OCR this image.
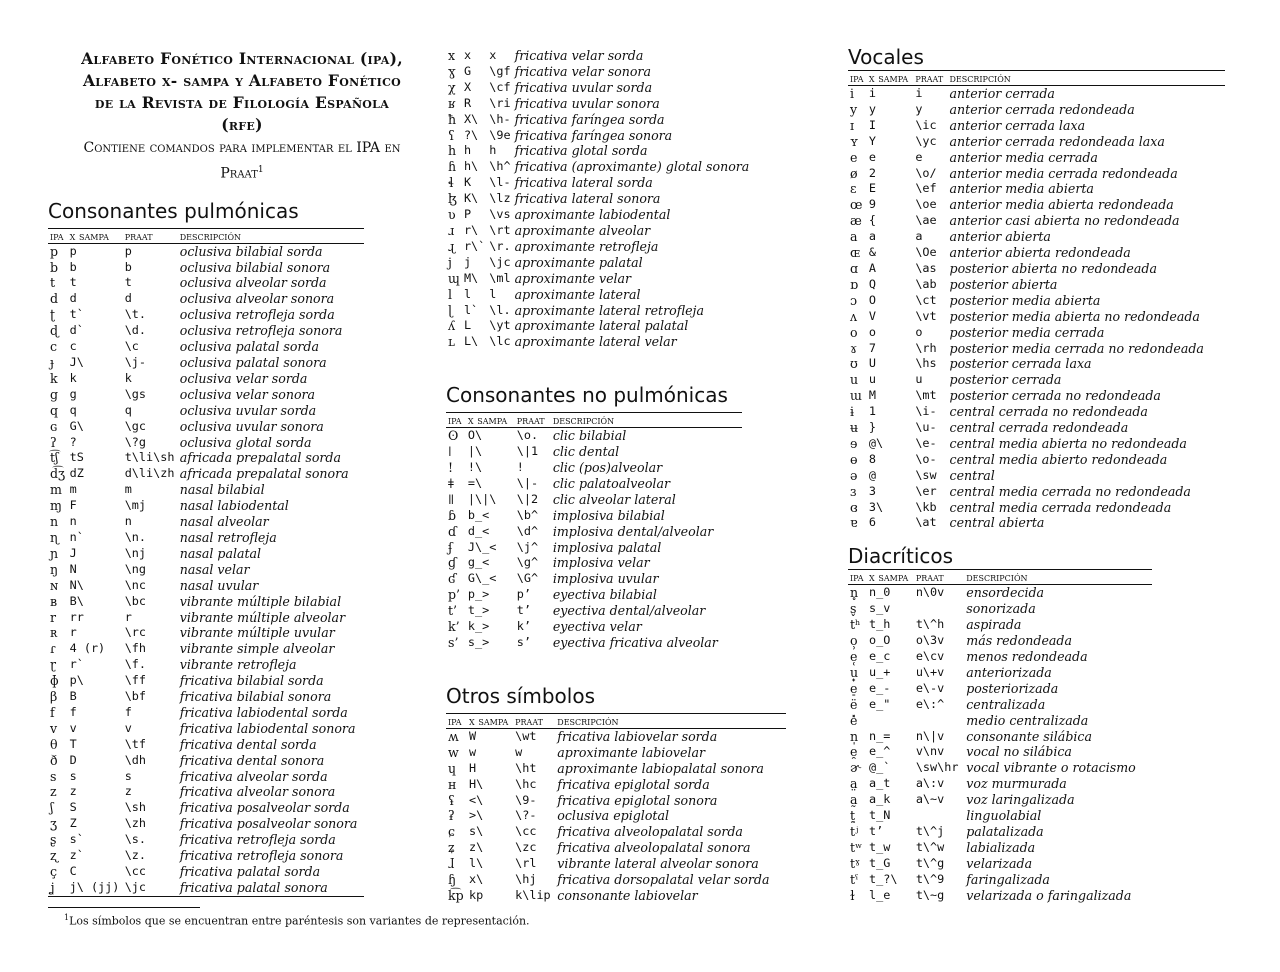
Alfabeto Fonético Internacional (ipa),
Alfabeto x- sampa y Alfabeto Fonético
de la Revista de Filología Española
(rfe)
Contiene comandos para implementar el IPA en
Praat$^1$
Consonantes pulmónicas
ipa	x sampa	praat	descripción
p	p	p	oclusiva bilabial sorda
b	b	b	oclusiva bilabial sonora
t	t	t	oclusiva alveolar sorda
d	d	d	oclusiva alveolar sonora
ʈ	t`	\t.	oclusiva retrofleja sorda
ɖ	d`	\d.	oclusiva retrofleja sonora
c	c	\c	oclusiva palatal sorda
ɟ	J\	\j-	oclusiva palatal sonora
k	k	k	oclusiva velar sorda
g	g	\gs	oclusiva velar sonora
q	q	q	oclusiva uvular sorda
ɢ	G\	\gc	oclusiva uvular sonora
ʔ	?	\?g	oclusiva glotal sorda
t͡ʃ	tS	t\li\sh	africada prepalatal sorda
d͡ʒ	dZ	d\li\zh	africada prepalatal sonora
m	m	m	nasal bilabial
ɱ	F	\mj	nasal labiodental
n	n	n	nasal alveolar
ɳ	n`	\n.	nasal retrofleja
ɲ	J	\nj	nasal palatal
ŋ	N	\ng	nasal velar
ɴ	N\	\nc	nasal uvular
ʙ	B\	\bc	vibrante múltiple bilabial
r	rr	r	vibrante múltiple alveolar
ʀ	r	\rc	vibrante múltiple uvular
ɾ	4 (r)	\fh	vibrante simple alveolar
ɽ	r`	\f.	vibrante retrofleja
ɸ	p\	\ff	fricativa bilabial sorda
β	B	\bf	fricativa bilabial sonora
f	f	f	fricativa labiodental sorda
v	v	v	fricativa labiodental sonora
θ	T	\tf	fricativa dental sorda
ð	D	\dh	fricativa dental sonora
s	s	s	fricativa alveolar sorda
z	z	z	fricativa alveolar sonora
ʃ	S	\sh	fricativa posalveolar sorda
ʒ	Z	\zh	fricativa posalveolar sonora
ʂ	s`	\s.	fricativa retrofleja sorda
ʐ	z`	\z.	fricativa retrofleja sonora
ç	C	\cc	fricativa palatal sorda
ʝ	j\ (jj)	\jc	fricativa palatal sonora
x	x	x	fricativa velar sorda
ɣ	G	\gf	fricativa velar sonora
χ	X	\cf	fricativa uvular sorda
ʁ	R	\ri	fricativa uvular sonora
ħ	X\	\h-	fricativa faríngea sorda
ʕ	?\	\9e	fricativa faríngea sonora
h	h	h	fricativa glotal sorda
ɦ	h\	\h^	fricativa (aproximante) glotal sonora
ɬ	K	\l-	fricativa lateral sorda
ɮ	K\	\lz	fricativa lateral sonora
ʋ	P	\vs	aproximante labiodental
ɹ	r\	\rt	aproximante alveolar
ɻ	r\`	\r.	aproximante retrofleja
j	j	\jc	aproximante palatal
ɰ	M\	\ml	aproximante velar
l	l	l	aproximante lateral
ɭ	l`	\l.	aproximante lateral retrofleja
ʎ	L	\yt	aproximante lateral palatal
ʟ	L\	\lc	aproximante lateral velar
Consonantes no pulmónicas
ipa	x sampa	praat	descripción
ʘ	O\	\o.	clic bilabial
ǀ	|\	\|1	clic dental
!	!\	!	clic (pos)alveolar
ǂ	=\	\|-	clic palatoalveolar
ǁ	|\|\	\|2	clic alveolar lateral
ɓ	b_<	\b^	implosiva bilabial
ɗ	d_<	\d^	implosiva dental/alveolar
ʄ	J\_<	\j^	implosiva palatal
ɠ	g_<	\g^	implosiva velar
ʛ	G\_<	\G^	implosiva uvular
p’	p_>	p’	eyectiva bilabial
t’	t_>	t’	eyectiva dental/alveolar
k’	k_>	k’	eyectiva velar
s’	s_>	s’	eyectiva fricativa alveolar
Otros símbolos
ipa	x sampa	praat	descripción
ʍ	W	\wt	fricativa labiovelar sorda
w	w	w	aproximante labiovelar
ɥ	H	\ht	aproximante labiopalatal sonora
ʜ	H\	\hc	fricativa epiglotal sorda
ʢ	<\	\9-	fricativa epiglotal sonora
ʡ	>\	\?-	oclusiva epiglotal
ɕ	s\	\cc	fricativa alveolopalatal sorda
ʑ	z\	\zc	fricativa alveolopalatal sonora
ɺ	l\	\rl	vibrante lateral alveolar sonora
ɧ	x\	\hj	fricativa dorsopalatal velar sorda
k͡p	kp	k\lip	consonante labiovelar
Vocales
ipa	x sampa	praat	descripción
i	i	i	anterior cerrada
y	y	y	anterior cerrada redondeada
ɪ	I	\ic	anterior cerrada laxa
ʏ	Y	\yc	anterior cerrada redondeada laxa
e	e	e	anterior media cerrada
ø	2	\o/	anterior media cerrada redondeada
ɛ	E	\ef	anterior media abierta
œ	9	\oe	anterior media abierta redondeada
æ	{	\ae	anterior casi abierta no redondeada
a	a	a	anterior abierta
ɶ	&	\Oe	anterior abierta redondeada
ɑ	A	\as	posterior abierta no redondeada
ɒ	Q	\ab	posterior abierta
ɔ	O	\ct	posterior media abierta
ʌ	V	\vt	posterior media abierta no redondeada
o	o	o	posterior media cerrada
ɤ	7	\rh	posterior media cerrada no redondeada
ʊ	U	\hs	posterior cerrada laxa
u	u	u	posterior cerrada
ɯ	M	\mt	posterior cerrada no redondeada
ɨ	1	\i-	central cerrada no redondeada
ʉ	}	\u-	central cerrada redondeada
ɘ	@\	\e-	central media abierta no redondeada
ɵ	8	\o-	central media abierto redondeada
ə	@	\sw	central
ɜ	3	\er	central media cerrada no redondeada
ɞ	3\	\kb	central media cerrada redondeada
ɐ	6	\at	central abierta
Diacríticos
ipa	x sampa	praat	descripción
n̥	n_0	n\0v	ensordecida
s̬	s_v		sonorizada
tʰ	t_h	t\^h	aspirada
o̹	o_O	o\3v	más redondeada
e̜	e_c	e\cv	menos redondeada
u̟	u_+	u\+v	anteriorizada
e̠	e_-	e\-v	posteriorizada
ë	e_"	e\:^	centralizada
e̽			medio centralizada
n̩	n_=	n\|v	consonante silábica
e̯	e_^	v\nv	vocal no silábica
ɚ	@_`	\sw\hr	vocal vibrante o rotacismo
a̤	a_t	a\:v	voz murmurada
a̰	a_k	a\~v	voz laringalizada
t̼	t_N		linguolabial
tʲ	t’	t\^j	palatalizada
tʷ	t_w	t\^w	labializada
tˠ	t_G	t\^g	velarizada
tˤ	t_?\	t\^9	faringalizada
ɫ	l_e	t\~g	velarizada o faringalizada
$^1$Los símbolos que se encuentran entre paréntesis son variantes de representación.
